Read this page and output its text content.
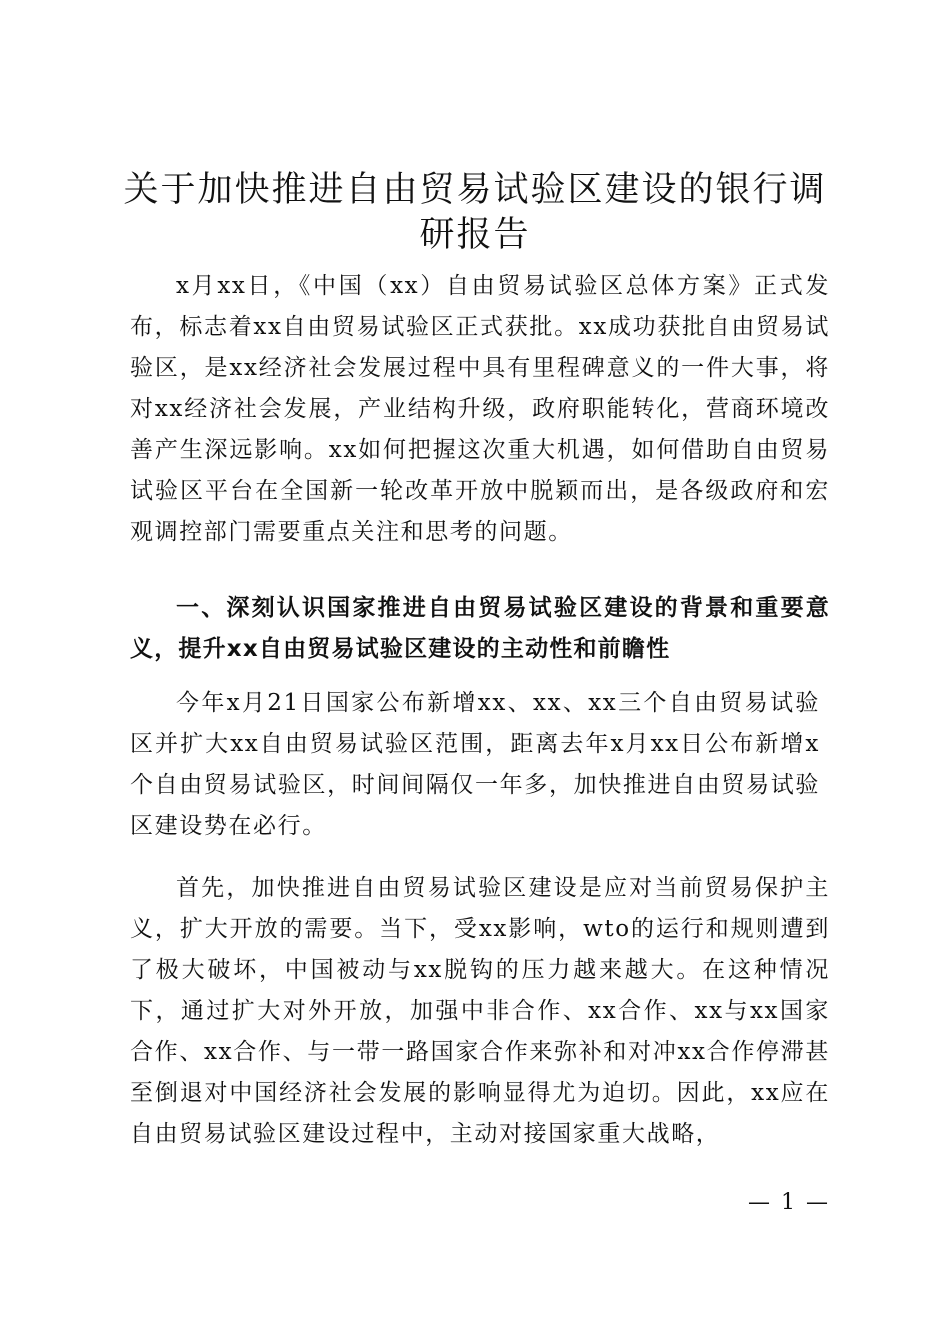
关于加快推进自由贸易试验区建设的银行调研报告

x月xx日，《中国（xx）自由贸易试验区总体方案》正式发布，标志着xx自由贸易试验区正式获批。xx成功获批自由贸易试验区，是xx经济社会发展过程中具有里程碑意义的一件大事，将对xx经济社会发展，产业结构升级，政府职能转化，营商环境改善产生深远影响。xx如何把握这次重大机遇，如何借助自由贸易试验区平台在全国新一轮改革开放中脱颖而出，是各级政府和宏观调控部门需要重点关注和思考的问题。

一、深刻认识国家推进自由贸易试验区建设的背景和重要意义，提升xx自由贸易试验区建设的主动性和前瞻性

今年x月21日国家公布新增xx、xx、xx三个自由贸易试验区并扩大xx自由贸易试验区范围，距离去年x月xx日公布新增x个自由贸易试验区，时间间隔仅一年多，加快推进自由贸易试验区建设势在必行。

首先，加快推进自由贸易试验区建设是应对当前贸易保护主义，扩大开放的需要。当下，受xx影响，wto的运行和规则遭到了极大破坏，中国被动与xx脱钩的压力越来越大。在这种情况下，通过扩大对外开放，加强中非合作、xx合作、xx与xx国家合作、xx合作、与一带一路国家合作来弥补和对冲xx合作停滞甚至倒退对中国经济社会发展的影响显得尤为迫切。因此，xx应在自由贸易试验区建设过程中，主动对接国家重大战略，

— 1 —
